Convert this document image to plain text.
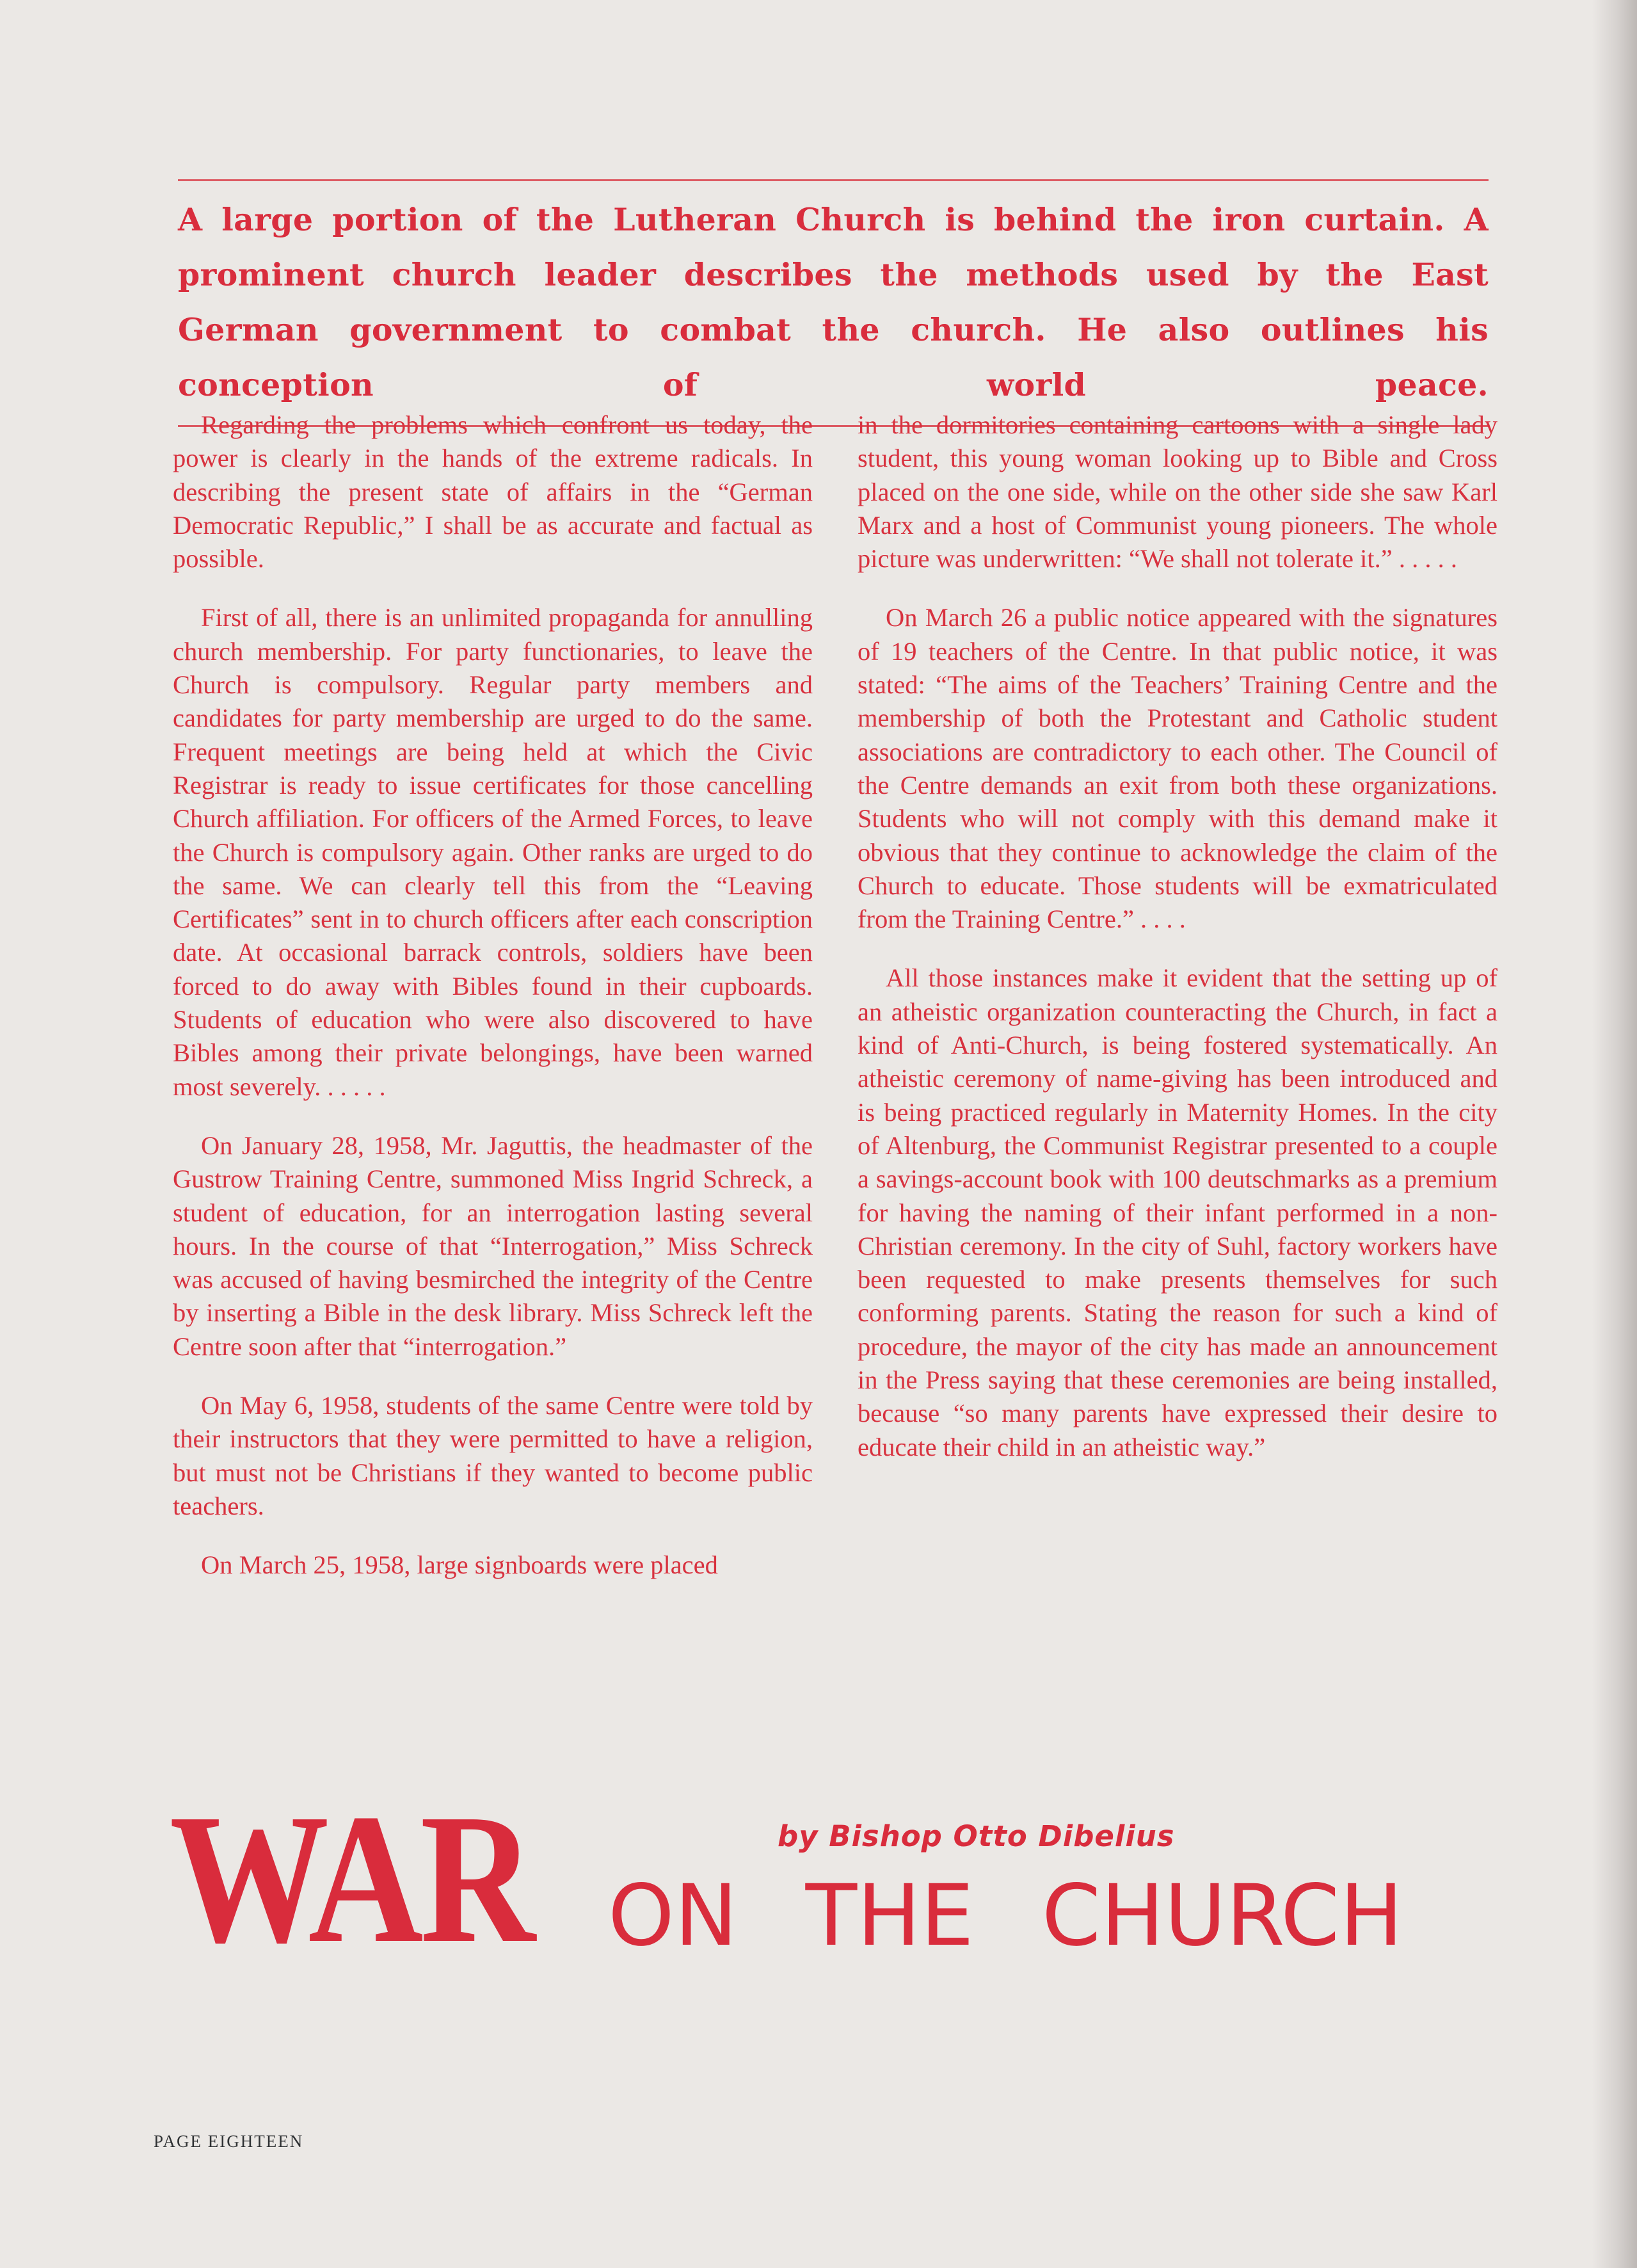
A large portion of the Lutheran Church is behind the iron curtain. A prominent church leader describes the methods used by the East German government to combat the church. He also outlines his conception of world peace.

Regarding the problems which confront us today, the power is clearly in the hands of the extreme radicals. In describing the present state of affairs in the “German Democratic Republic,” I shall be as accurate and factual as possible.

First of all, there is an unlimited propaganda for annulling church membership. For party functionaries, to leave the Church is compulsory. Regular party members and candidates for party membership are urged to do the same. Frequent meetings are being held at which the Civic Registrar is ready to issue certificates for those cancelling Church affiliation. For officers of the Armed Forces, to leave the Church is compulsory again. Other ranks are urged to do the same. We can clearly tell this from the “Leaving Certificates” sent in to church officers after each conscription date. At occasional barrack controls, soldiers have been forced to do away with Bibles found in their cupboards. Students of education who were also discovered to have Bibles among their private belongings, have been warned most severely. . . . . .

On January 28, 1958, Mr. Jaguttis, the headmaster of the Gustrow Training Centre, summoned Miss Ingrid Schreck, a student of education, for an interrogation lasting several hours. In the course of that “Interrogation,” Miss Schreck was accused of having besmirched the integrity of the Centre by inserting a Bible in the desk library. Miss Schreck left the Centre soon after that “interrogation.”

On May 6, 1958, students of the same Centre were told by their instructors that they were permitted to have a religion, but must not be Christians if they wanted to become public teachers.

On March 25, 1958, large signboards were placed

in the dormitories containing cartoons with a single lady student, this young woman looking up to Bible and Cross placed on the one side, while on the other side she saw Karl Marx and a host of Communist young pioneers. The whole picture was underwritten: “We shall not tolerate it.” . . . . .

On March 26 a public notice appeared with the signatures of 19 teachers of the Centre. In that public notice, it was stated: “The aims of the Teachers’ Training Centre and the membership of both the Protestant and Catholic student associations are contradictory to each other. The Council of the Centre demands an exit from both these organizations. Students who will not comply with this demand make it obvious that they continue to acknowledge the claim of the Church to educate. Those students will be exmatriculated from the Training Centre.” . . . .

All those instances make it evident that the setting up of an atheistic organization counteracting the Church, in fact a kind of Anti-Church, is being fostered systematically. An atheistic ceremony of name-giving has been introduced and is being practiced regularly in Maternity Homes. In the city of Altenburg, the Communist Registrar presented to a couple a savings-account book with 100 deutschmarks as a premium for having the naming of their infant performed in a non-Christian ceremony. In the city of Suhl, factory workers have been requested to make presents themselves for such conforming parents. Stating the reason for such a kind of procedure, the mayor of the city has made an announcement in the Press saying that these ceremonies are being installed, because “so many parents have expressed their desire to educate their child in an atheistic way.”

WAR	by Bishop Otto Dibelius
ON THE CHURCH
PAGE EIGHTEEN
